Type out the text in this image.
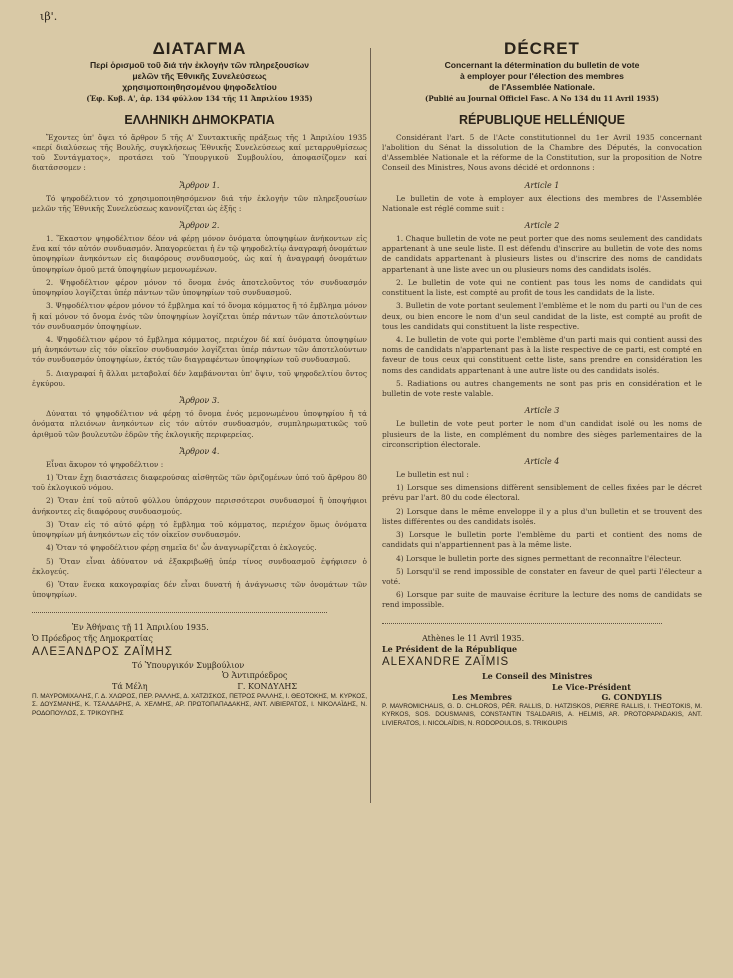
ιβ'.
ΔΙΑΤΑΓΜΑ
Περί ὁρισμοῦ τοῦ διά τήν ἐκλογήν τῶν πληρεξουσίων
μελῶν τῆς Ἐθνικῆς Συνελεύσεως
χρησιμοποιηθησομένου ψηφοδελτίου
(Ἐφ. Κυβ. Α', ἀρ. 134 φύλλον 134 τῆς 11 Ἀπριλίου 1935)
ΕΛΛΗΝΙΚΗ ΔΗΜΟΚΡΑΤΙΑ

Ἔχοντες ὑπ' ὄψει τό ἄρθρον 5 τῆς Α' Συντακτικῆς πράξεως τῆς 1 Ἀπριλίου 1935 «περί διαλύσεως τῆς Βουλῆς, συγκλήσεως Ἐθνικῆς Συνελεύσεως καί μεταρρυθμίσεως τοῦ Συντάγματος», προτάσει τοῦ Ὑπουργικοῦ Συμβουλίου, ἀποφασίζομεν καί διατάσσομεν :

Ἄρθρον 1.

Τό ψηφοδέλτιον τό χρησιμοποιηθησόμενον διά τήν ἐκλογήν τῶν πληρεξουσίων μελῶν τῆς Ἐθνικῆς Συνελεύσεως κανονίζεται ὡς ἑξῆς :

Ἄρθρον 2.

1. Ἕκαστον ψηφοδέλτιον δέον νά φέρῃ μόνον ὀνόματα ὑποψηφίων ἀνήκοντων εἰς ἕνα καί τόν αὐτόν συνδυασμόν. Ἀπαγορεύεται ἡ ἐν τῷ ψηφοδελτίῳ ἀναγραφή ὀνομάτων ὑποψηφίων ἀνηκόντων εἰς διαφόρους συνδυασμούς, ὡς καί ἡ ἀναγραφή ὀνομάτων ὑποψηφίων ὁμοῦ μετά ὑποψηφίων μεμονωμένων.

2. Ψηφοδέλτιον φέρον μόνον τό ὄνομα ἑνός ἀποτελοῦντος τόν συνδυασμόν ὑποψηφίου λογίζεται ὑπέρ πάντων τῶν ὑποψηφίων τοῦ συνδυασμοῦ.

3. Ψηφοδέλτιον φέρον μόνον τό ἔμβλημα καί τό ὄνομα κόμματος ἤ τό ἔμβλημα μόνον ἤ καί μόνον τό ὄνομα ἑνός τῶν ὑποψηφίων λογίζεται ὑπέρ πάντων τῶν ἀποτελούντων τόν συνδυασμόν ὑποψηφίων.

4. Ψηφοδέλτιον φέρον τό ἔμβλημα κόμματος, περιέχον δέ καί ὀνόματα ὑποψηφίων μή ἀνηκόντων εἰς τόν οἰκεῖον συνδυασμόν λογίζεται ὑπέρ πάντων τῶν ἀποτελούντων τόν συνδυασμόν ὑποψηφίων, ἐκτός τῶν διαγραφέντων ὑποψηφίων τοῦ συνδυασμοῦ.

5. Διαγραφαί ἤ ἄλλαι μεταβολαί δέν λαμβάνονται ὑπ' ὄψιν, τοῦ ψηφοδελτίου ὄντος ἐγκύρου.

Ἄρθρον 3.

Δύναται τό ψηφοδέλτιον νά φέρῃ τό ὄνομα ἑνός μεμονωμένου ὑποψηφίου ἤ τά ὀνόματα πλειόνων ἀνηκόντων εἰς τόν αὐτόν συνδυασμόν, συμπληρωματικῶς τοῦ ἀριθμοῦ τῶν βουλευτῶν ἑδρῶν τῆς ἐκλογικῆς περιφερείας.

Ἄρθρον 4.

Εἶναι ἄκυρον τό ψηφοδέλτιον :

1) Ὅταν ἔχῃ διαστάσεις διαφερούσας αἰσθητῶς τῶν ὁριζομένων ὑπό τοῦ ἄρθρου 80 τοῦ ἐκλογικοῦ νόμου.

2) Ὅταν ἐπί τοῦ αὐτοῦ φύλλου ὑπάρχουν περισσότεροι συνδυασμοί ἤ ὑποψήφιοι ἀνήκοντες εἰς διαφόρους συνδυασμούς.

3) Ὅταν εἰς τό αὐτό φέρῃ τό ἔμβλημα τοῦ κόμματος, περιέχον ὅμως ὀνόματα ὑποψηφίων μή ἀνηκόντων εἰς τόν οἰκεῖον συνδυασμόν.

4) Ὅταν τό ψηφοδέλτιον φέρῃ σημεῖα δι' ὧν ἀναγνωρίζεται ὁ ἐκλογεύς.

5) Ὅταν εἶναι ἀδύνατον νά ἐξακριβωθῇ ὑπέρ τίνος συνδυασμοῦ ἐψήφισεν ὁ ἐκλογεύς.

6) Ὅταν ἕνεκα κακογραφίας δέν εἶναι δυνατή ἡ ἀνάγνωσις τῶν ὀνομάτων τῶν ὑποψηφίων.

Ἐν Ἀθήναις τῇ 11 Ἀπριλίου 1935.
Ὁ Πρόεδρος τῆς Δημοκρατίας
ΑΛΕΞΑΝΔΡΟΣ ΖΑΪΜΗΣ
Τό Ὑπουργικόν Συμβούλιον
Ὁ Ἀντιπρόεδρος
Τά Μέλη	Γ. ΚΟΝΔΥΛΗΣ
Π. ΜΑΥΡΟΜΙΧΑΛΗΣ, Γ. Δ. ΧΛΩΡΟΣ, ΠΕΡ. ΡΑΛΛΗΣ, Δ. ΧΑΤΖΙΣΚΟΣ, ΠΕΤΡΟΣ ΡΑΛΛΗΣ, Ι. ΘΕΟΤΟΚΗΣ, Μ. ΚΥΡΚΟΣ, Σ. ΔΟΥΣΜΑΝΗΣ, Κ. ΤΣΑΛΔΑΡΗΣ, Α. ΧΕΛΜΗΣ, ΑΡ. ΠΡΩΤΟΠΑΠΑΔΑΚΗΣ, ΑΝΤ. ΛΙΒΙΕΡΑΤΟΣ, Ι. ΝΙΚΟΛΑΪΔΗΣ, Ν. ΡΟΔΟΠΟΥΛΟΣ, Σ. ΤΡΙΚΟΥΠΗΣ
DÉCRET
Concernant la détermination du bulletin de vote
à employer pour l'élection des membres
de l'Assemblée Nationale.
(Publié au Journal Officiel Fasc. A No 134 du 11 Avril 1935)
RÉPUBLIQUE HELLÉNIQUE

Considérant l'art. 5 de l'Acte constitutionnel du 1er Avril 1935 concernant l'abolition du Sénat la dissolution de la Chambre des Députés, la convocation d'Assemblée Nationale et la réforme de la Constitution, sur la proposition de Notre Conseil des Ministres, Nous avons décidé et ordonnons :

Article 1

Le bulletin de vote à employer aux élections des membres de l'Assemblée Nationale est réglé comme suit :

Article 2

1. Chaque bulletin de vote ne peut porter que des noms seulement des candidats appartenant à une seule liste. Il est défendu d'inscrire au bulletin de vote des noms de candidats appartenant à plusieurs listes ou d'inscrire des noms de candidats appartenant à une liste avec un ou plusieurs noms des candidats isolés.

2. Le bulletin de vote qui ne contient pas tous les noms de candidats qui constituent la liste, est compté au profit de tous les candidats de la liste.

3. Bulletin de vote portant seulement l'emblème et le nom du parti ou l'un de ces deux, ou bien encore le nom d'un seul candidat de la liste, est compté au profit de tous les candidats qui constituent la liste respective.

4. Le bulletin de vote qui porte l'emblème d'un parti mais qui contient aussi des noms de candidats n'appartenant pas à la liste respective de ce parti, est compté en faveur de tous ceux qui constituent cette liste, sans prendre en considération les noms des candidats appartenant à une autre liste ou des candidats isolés.

5. Radiations ou autres changements ne sont pas pris en considération et le bulletin de vote reste valable.

Article 3

Le bulletin de vote peut porter le nom d'un candidat isolé ou les noms de plusieurs de la liste, en complément du nombre des sièges parlementaires de la circonscription électorale.

Article 4

Le bulletin est nul :

1) Lorsque ses dimensions diffèrent sensiblement de celles fixées par le décret prévu par l'art. 80 du code électoral.

2) Lorsque dans le même enveloppe il y a plus d'un bulletin et se trouvent des listes différentes ou des candidats isolés.

3) Lorsque le bulletin porte l'emblème du parti et contient des noms de candidats qui n'appartiennent pas à la même liste.

4) Lorsque le bulletin porte des signes permettant de reconnaître l'électeur.

5) Lorsqu'il se rend impossible de constater en faveur de quel parti l'électeur a voté.

6) Lorsque par suite de mauvaise écriture la lecture des noms de candidats se rend impossible.

Athènes le 11 Avril 1935.
Le Président de la République
ALEXANDRE ZAÏMIS
Le Conseil des Ministres
Le Vice-Président
Les Membres	G. CONDYLIS
P. MAVROMICHALIS, G. D. CHLOROS, PÉR. RALLIS, D. HATZISKOS, PIERRE RALLIS, I. THEOTOKIS, M. KYRKOS, SOS. DOUSMANIS, CONSTANTIN TSALDARIS, A. HELMIS, AR. PROTOPAPADAKIS, ANT. LIVIERATOS, I. NICOLAÏDIS, N. RODOPOULOS, S. TRIKOUPIS
